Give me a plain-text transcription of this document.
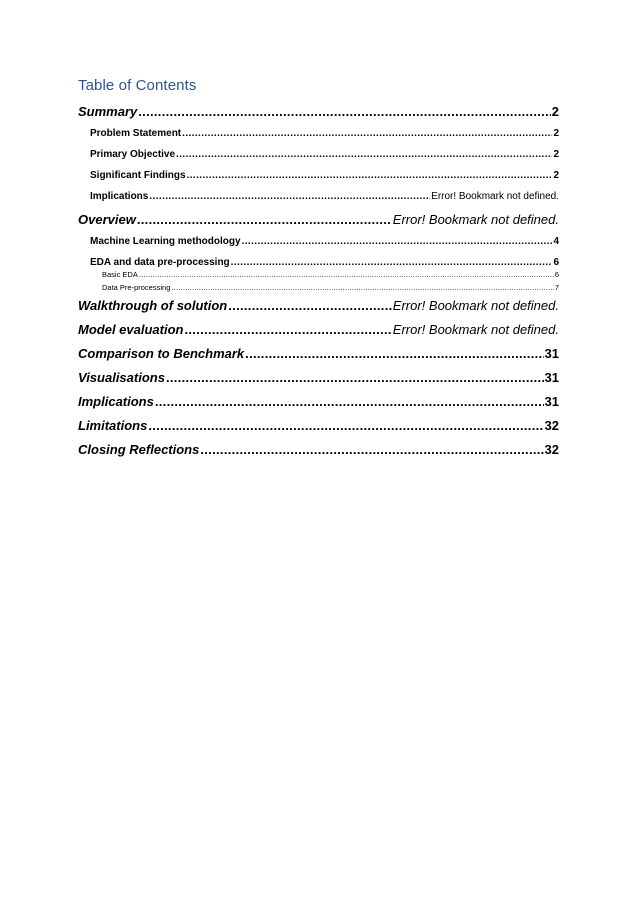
Table of Contents
Summary .....	2
Problem Statement .....	2
Primary Objective .....	2
Significant Findings .....	2
Implications .....	Error! Bookmark not defined.
Overview .....	Error! Bookmark not defined.
Machine Learning methodology .....	4
EDA and data pre-processing .....	6
Basic EDA .....	6
Data Pre-processing .....	7
Walkthrough of solution .....	Error! Bookmark not defined.
Model evaluation .....	Error! Bookmark not defined.
Comparison to Benchmark .....	31
Visualisations .....	31
Implications .....	31
Limitations .....	32
Closing Reflections .....	32
